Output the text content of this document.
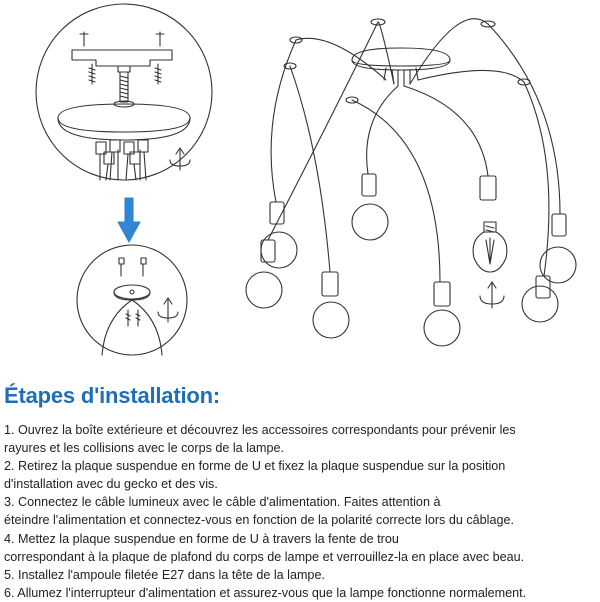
Étapes d'installation:
1. Ouvrez la boîte extérieure et découvrez les accessoires correspondants pour prévenir les
rayures et les collisions avec le corps de la lampe.
2. Retirez la plaque suspendue en forme de U et fixez la plaque suspendue sur la position
d'installation avec du gecko et des vis.
3. Connectez le câble lumineux avec le câble d'alimentation. Faites attention à
éteindre l'alimentation et connectez-vous en fonction de la polarité correcte lors du câblage.
4. Mettez la plaque suspendue en forme de U à travers la fente de trou
correspondant à la plaque de plafond du corps de lampe et verrouillez-la en place avec beau.
5. Installez l'ampoule filetée E27 dans la tête de la lampe.
6. Allumez l'interrupteur d'alimentation et assurez-vous que la lampe fonctionne normalement.
